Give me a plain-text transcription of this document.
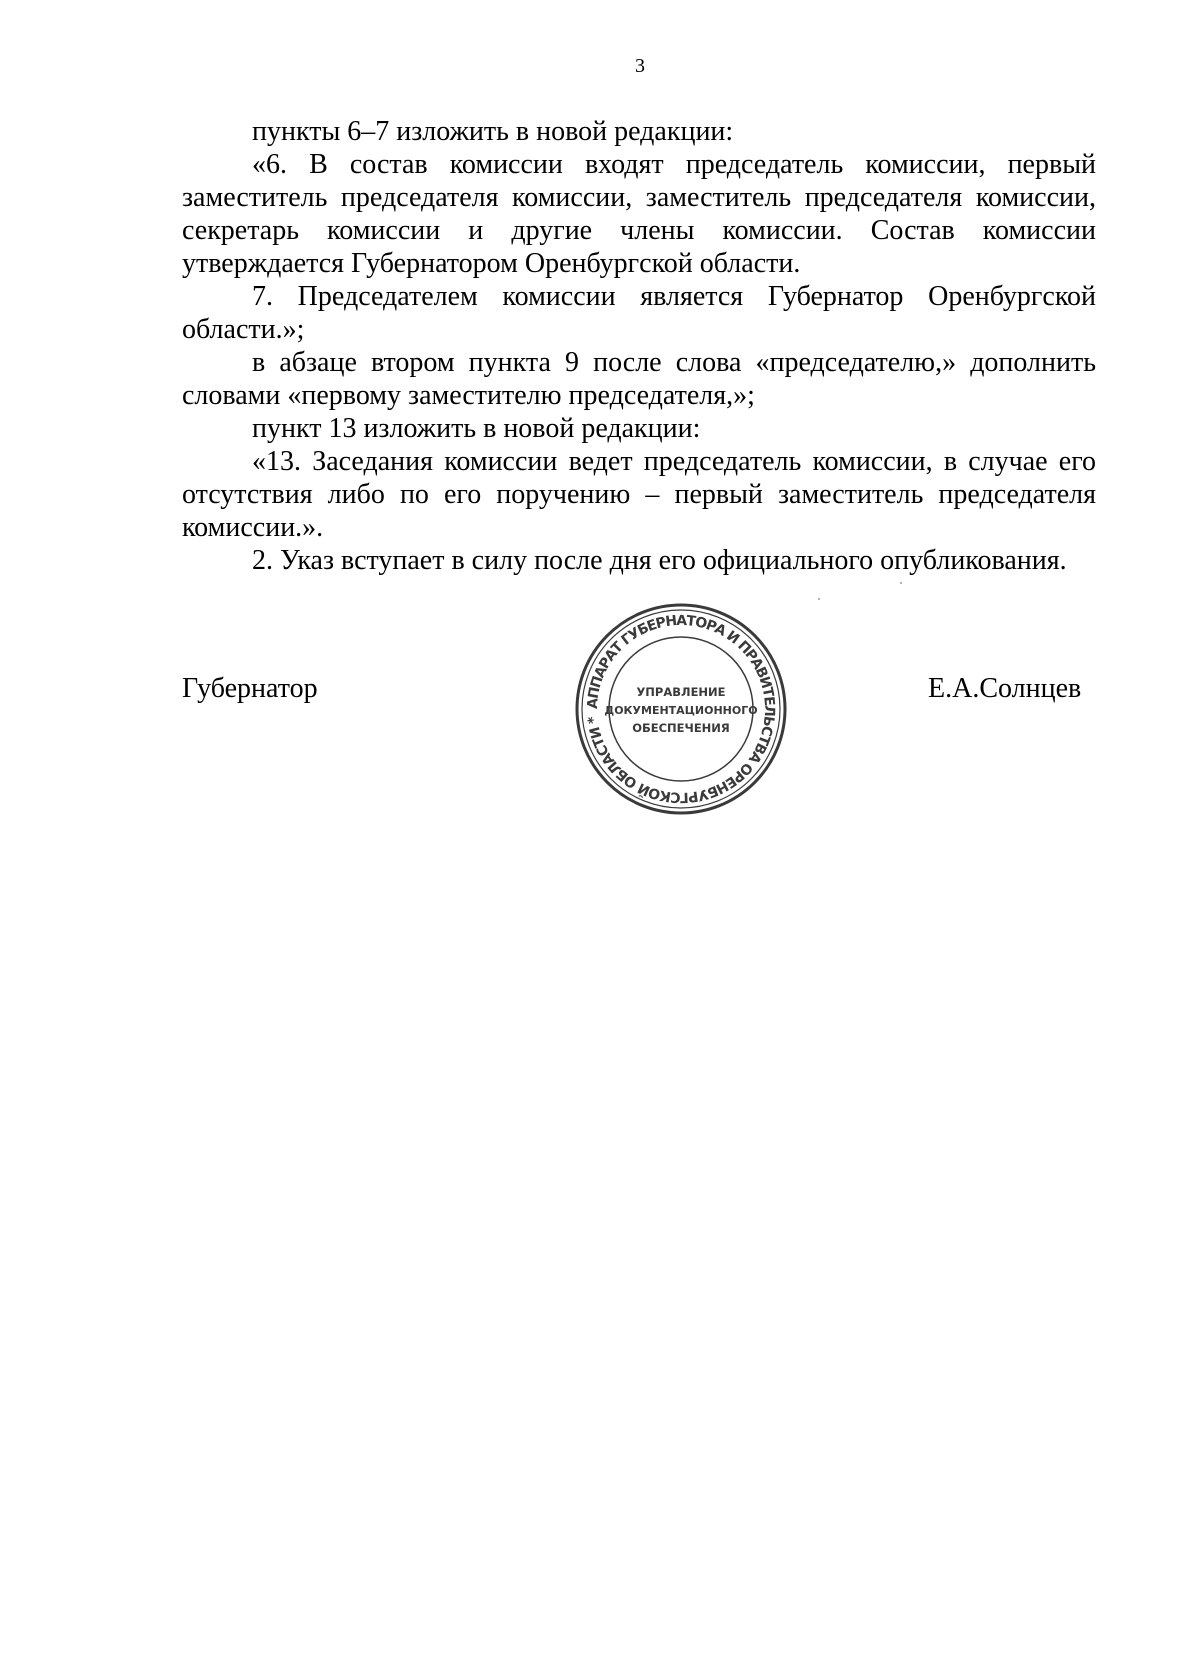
3

пункты 6–7 изложить в новой редакции:

«6. В состав комиссии входят председатель комиссии, первый заместитель председателя комиссии, заместитель председателя комиссии, секретарь комиссии и другие члены комиссии. Состав комиссии утверждается Губернатором Оренбургской области.

7. Председателем комиссии является Губернатор Оренбургской области.»;

в абзаце втором пункта 9 после слова «председателю,» дополнить словами «первому заместителю председателя,»;

пункт 13 изложить в новой редакции:

«13. Заседания комиссии ведет председатель комиссии, в случае его отсутствия либо по его поручению – первый заместитель председателя комиссии.».

2. Указ вступает в силу после дня его официального опубликования.

Губернатор	Е.А.Солнцев
АППАРАТ ГУБЕРНАТОРА И ПРАВИТЕЛЬСТВА ОРЕНБУРГСКОЙ ОБЛАСТИ *
УПРАВЛЕНИЕ
ДОКУМЕНТАЦИОННОГО
ОБЕСПЕЧЕНИЯ
